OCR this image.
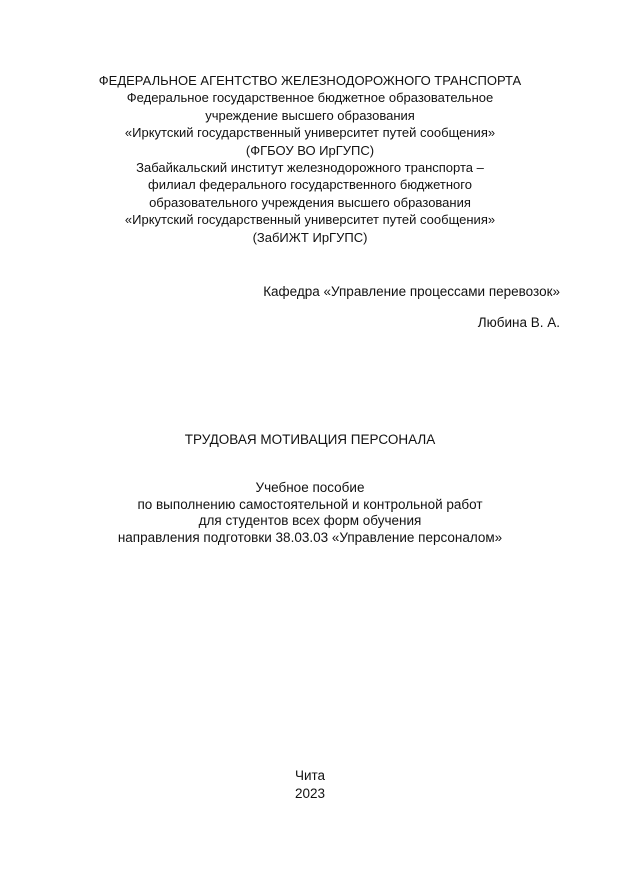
ФЕДЕРАЛЬНОЕ АГЕНТСТВО ЖЕЛЕЗНОДОРОЖНОГО ТРАНСПОРТА
Федеральное государственное бюджетное образовательное
учреждение высшего образования
«Иркутский государственный университет путей сообщения»
(ФГБОУ ВО ИрГУПС)
Забайкальский институт железнодорожного транспорта –
филиал федерального государственного бюджетного
образовательного учреждения высшего образования
«Иркутский государственный университет путей сообщения»
(ЗабИЖТ ИрГУПС)
Кафедра «Управление процессами перевозок»
Любина В. А.
ТРУДОВАЯ МОТИВАЦИЯ ПЕРСОНАЛА
Учебное пособие
по выполнению самостоятельной и контрольной работ
для студентов всех форм обучения
направления подготовки 38.03.03 «Управление персоналом»
Чита
2023
